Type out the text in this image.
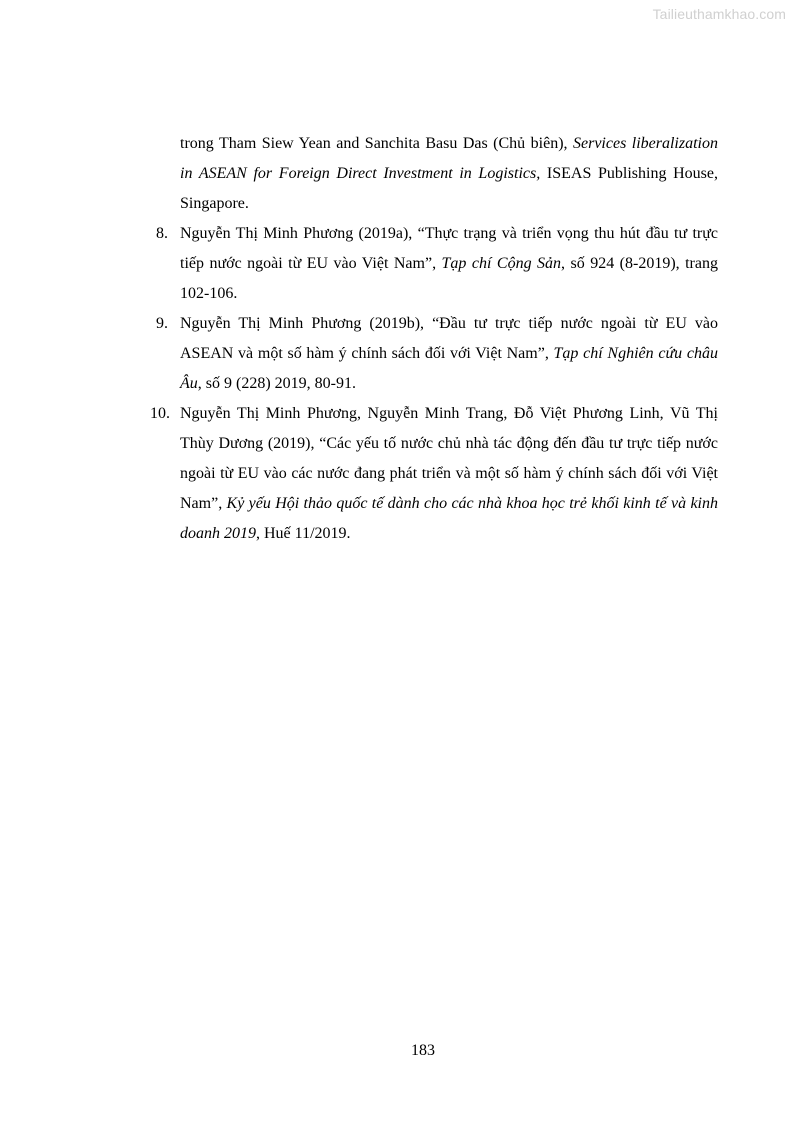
Tailieuthamkhao.com
trong Tham Siew Yean and Sanchita Basu Das (Chủ biên), Services liberalization in ASEAN for Foreign Direct Investment in Logistics, ISEAS Publishing House, Singapore.
8. Nguyễn Thị Minh Phương (2019a), “Thực trạng và triển vọng thu hút đầu tư trực tiếp nước ngoài từ EU vào Việt Nam”, Tạp chí Cộng Sản, số 924 (8-2019), trang 102-106.
9. Nguyễn Thị Minh Phương (2019b), “Đầu tư trực tiếp nước ngoài từ EU vào ASEAN và một số hàm ý chính sách đối với Việt Nam”, Tạp chí Nghiên cứu châu Âu, số 9 (228) 2019, 80-91.
10. Nguyễn Thị Minh Phương, Nguyễn Minh Trang, Đỗ Việt Phương Linh, Vũ Thị Thùy Dương (2019), “Các yếu tố nước chủ nhà tác động đến đầu tư trực tiếp nước ngoài từ EU vào các nước đang phát triển và một số hàm ý chính sách đối với Việt Nam”, Kỷ yếu Hội thảo quốc tế dành cho các nhà khoa học trẻ khối kinh tế và kinh doanh 2019, Huế 11/2019.
183
